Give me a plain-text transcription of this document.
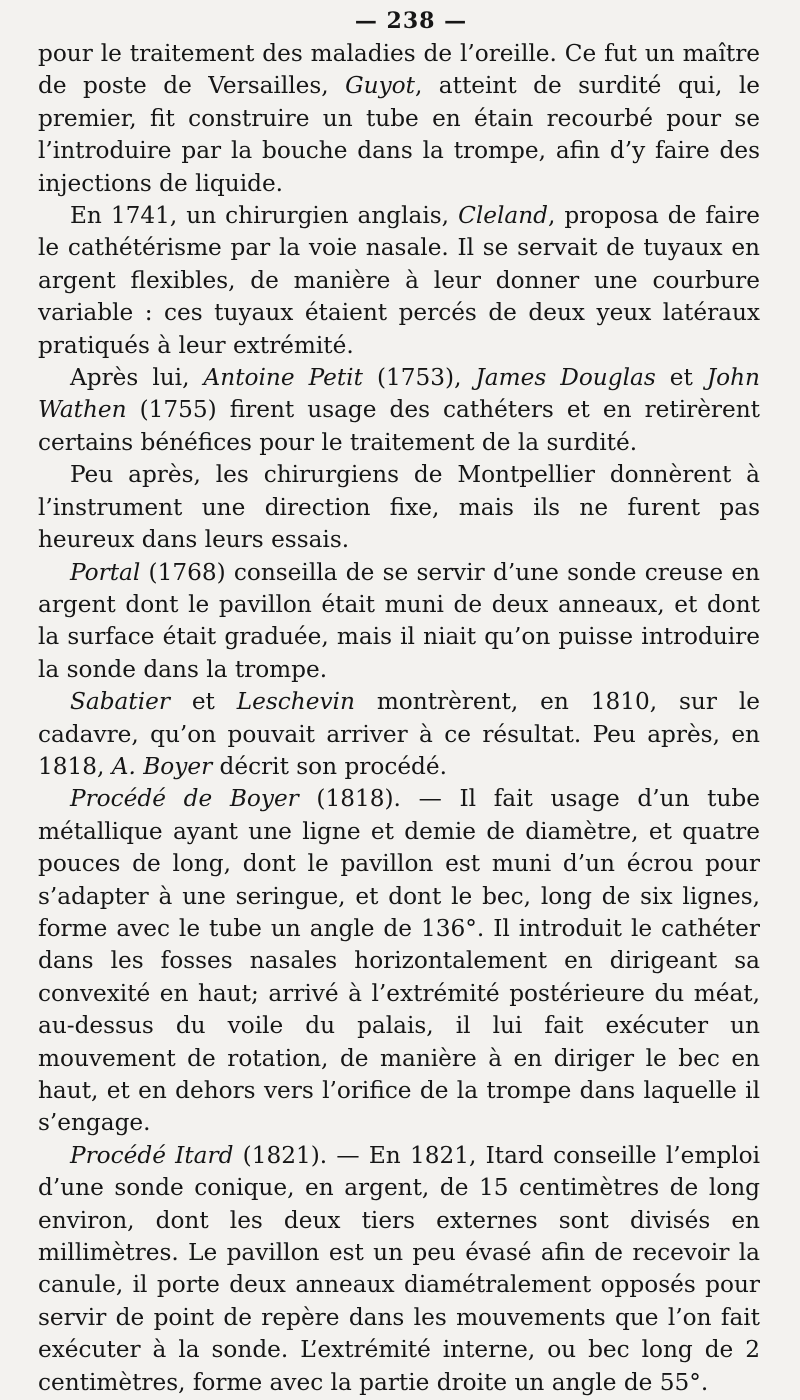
— 238 —

pour le traitement des maladies de l’oreille. Ce fut un maître de poste de Versailles, Guyot, atteint de surdité qui, le premier, fit construire un tube en étain recourbé pour se l’introduire par la bouche dans la trompe, afin d’y faire des injections de liquide.

En 1741, un chirurgien anglais, Cleland, proposa de faire le cathétérisme par la voie nasale. Il se servait de tuyaux en argent flexibles, de manière à leur donner une courbure variable : ces tuyaux étaient percés de deux yeux latéraux pratiqués à leur extrémité.

Après lui, Antoine Petit (1753), James Douglas et John Wathen (1755) firent usage des cathéters et en retirèrent certains bénéfices pour le traitement de la surdité.

Peu après, les chirurgiens de Montpellier donnèrent à l’instrument une direction fixe, mais ils ne furent pas heureux dans leurs essais.

Portal (1768) conseilla de se servir d’une sonde creuse en argent dont le pavillon était muni de deux anneaux, et dont la surface était graduée, mais il niait qu’on puisse introduire la sonde dans la trompe.

Sabatier et Leschevin montrèrent, en 1810, sur le cadavre, qu’on pouvait arriver à ce résultat. Peu après, en 1818, A. Boyer décrit son procédé.

Procédé de Boyer (1818). — Il fait usage d’un tube métallique ayant une ligne et demie de diamètre, et quatre pouces de long, dont le pavillon est muni d’un écrou pour s’adapter à une seringue, et dont le bec, long de six lignes, forme avec le tube un angle de 136°. Il introduit le cathéter dans les fosses nasales horizontalement en dirigeant sa convexité en haut; arrivé à l’extrémité postérieure du méat, au-dessus du voile du palais, il lui fait exécuter un mouvement de rotation, de manière à en diriger le bec en haut, et en dehors vers l’orifice de la trompe dans laquelle il s’engage.

Procédé Itard (1821). — En 1821, Itard conseille l’emploi d’une sonde conique, en argent, de 15 centimètres de long environ, dont les deux tiers externes sont divisés en millimètres. Le pavillon est un peu évasé afin de recevoir la canule, il porte deux anneaux diamétralement opposés pour servir de point de repère dans les mouvements que l’on fait exécuter à la sonde. L’extrémité interne, ou bec long de 2 centimètres, forme avec la partie droite un angle de 55°.
